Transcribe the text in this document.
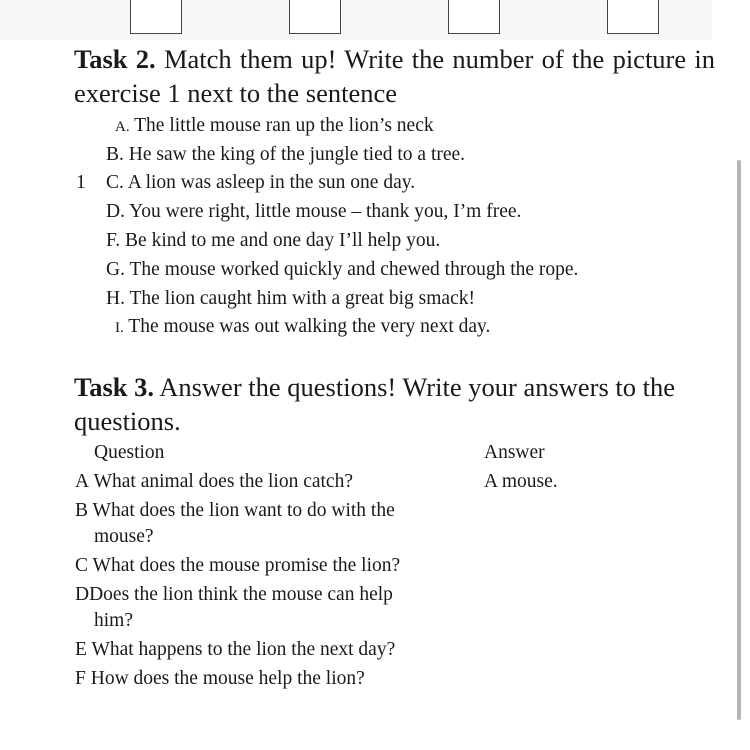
Task 2. Match them up! Write the number of the picture in exercise 1 next to the sentence
1
A. The little mouse ran up the lion’s neck
B. He saw the king of the jungle tied to a tree.
C. A lion was asleep in the sun one day.
D. You were right, little mouse – thank you, I’m free.
F. Be kind to me and one day I’ll help you.
G. The mouse worked quickly and chewed through the rope.
H. The lion caught him with a great big smack!
I. The mouse was out walking the very next day.
Task 3. Answer the questions! Write your answers to the questions.
Question	Answer
A What animal does the lion catch?	A mouse.
B What does the lion want to do with the
mouse?
C What does the mouse promise the lion?
DDoes the lion think the mouse can help
him?
E What happens to the lion the next day?
F How does the mouse help the lion?
